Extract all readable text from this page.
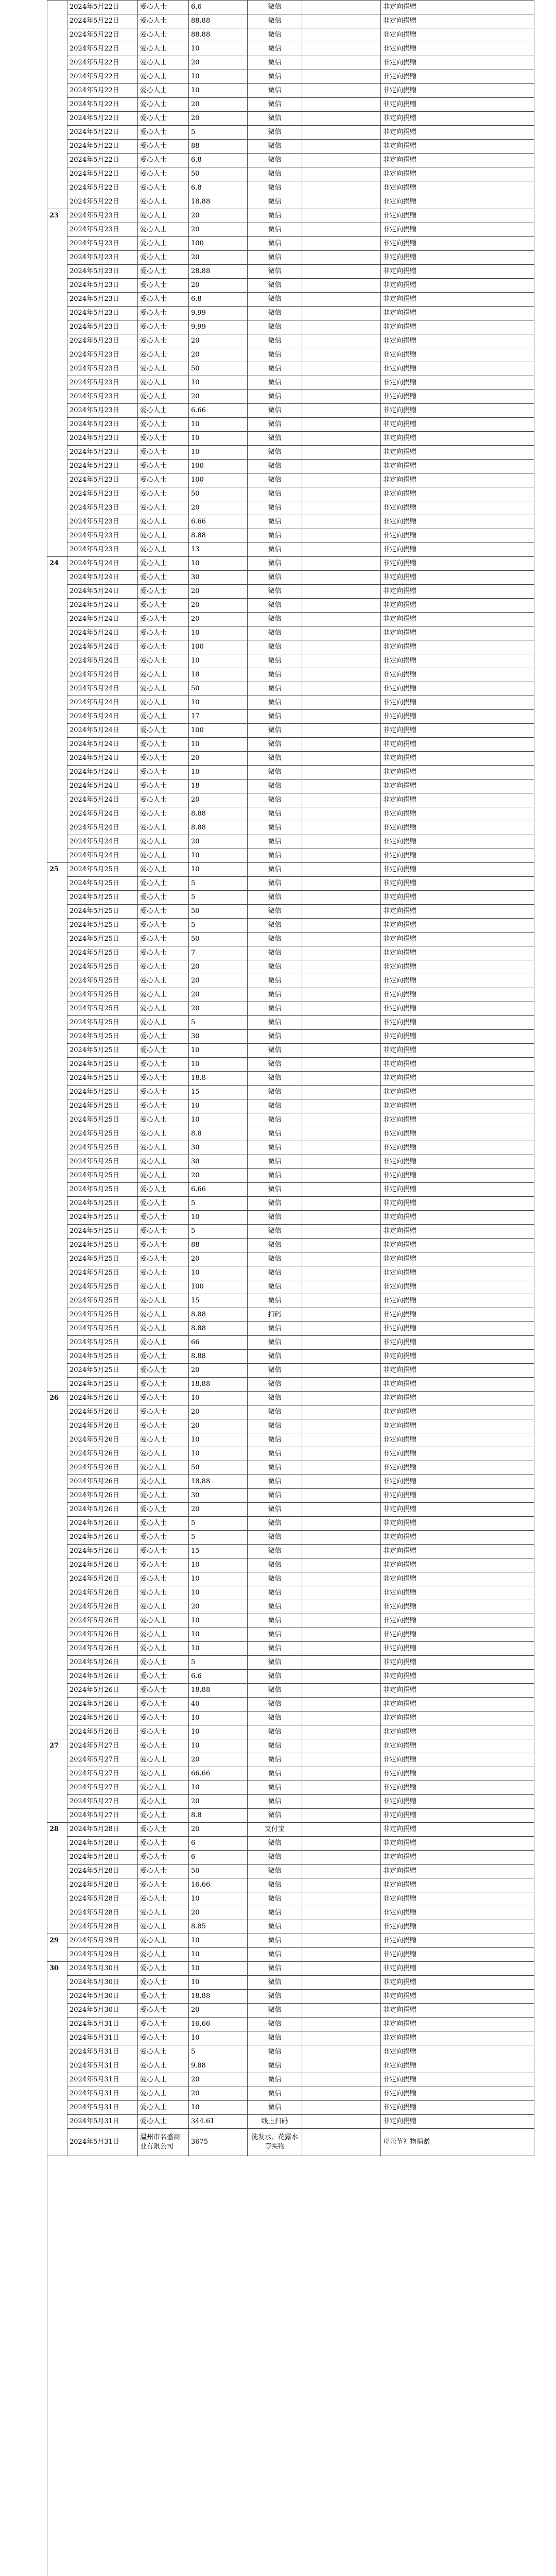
	2024年5月22日	爱心人士	6.6	微信		非定向捐赠
	2024年5月22日	爱心人士	88.88	微信		非定向捐赠
	2024年5月22日	爱心人士	88.88	微信		非定向捐赠
	2024年5月22日	爱心人士	10	微信		非定向捐赠
	2024年5月22日	爱心人士	20	微信		非定向捐赠
	2024年5月22日	爱心人士	10	微信		非定向捐赠
	2024年5月22日	爱心人士	10	微信		非定向捐赠
	2024年5月22日	爱心人士	20	微信		非定向捐赠
	2024年5月22日	爱心人士	20	微信		非定向捐赠
	2024年5月22日	爱心人士	5	微信		非定向捐赠
	2024年5月22日	爱心人士	88	微信		非定向捐赠
	2024年5月22日	爱心人士	6.8	微信		非定向捐赠
	2024年5月22日	爱心人士	50	微信		非定向捐赠
	2024年5月22日	爱心人士	6.8	微信		非定向捐赠
	2024年5月22日	爱心人士	18.88	微信		非定向捐赠
23	2024年5月23日	爱心人士	20	微信		非定向捐赠
	2024年5月23日	爱心人士	20	微信		非定向捐赠
	2024年5月23日	爱心人士	100	微信		非定向捐赠
	2024年5月23日	爱心人士	20	微信		非定向捐赠
	2024年5月23日	爱心人士	28.88	微信		非定向捐赠
	2024年5月23日	爱心人士	20	微信		非定向捐赠
	2024年5月23日	爱心人士	6.8	微信		非定向捐赠
	2024年5月23日	爱心人士	9.99	微信		非定向捐赠
	2024年5月23日	爱心人士	9.99	微信		非定向捐赠
	2024年5月23日	爱心人士	20	微信		非定向捐赠
	2024年5月23日	爱心人士	20	微信		非定向捐赠
	2024年5月23日	爱心人士	50	微信		非定向捐赠
	2024年5月23日	爱心人士	10	微信		非定向捐赠
	2024年5月23日	爱心人士	20	微信		非定向捐赠
	2024年5月23日	爱心人士	6.66	微信		非定向捐赠
	2024年5月23日	爱心人士	10	微信		非定向捐赠
	2024年5月23日	爱心人士	10	微信		非定向捐赠
	2024年5月23日	爱心人士	10	微信		非定向捐赠
	2024年5月23日	爱心人士	100	微信		非定向捐赠
	2024年5月23日	爱心人士	100	微信		非定向捐赠
	2024年5月23日	爱心人士	50	微信		非定向捐赠
	2024年5月23日	爱心人士	20	微信		非定向捐赠
	2024年5月23日	爱心人士	6.66	微信		非定向捐赠
	2024年5月23日	爱心人士	8.88	微信		非定向捐赠
	2024年5月23日	爱心人士	13	微信		非定向捐赠
24	2024年5月24日	爱心人士	10	微信		非定向捐赠
	2024年5月24日	爱心人士	30	微信		非定向捐赠
	2024年5月24日	爱心人士	20	微信		非定向捐赠
	2024年5月24日	爱心人士	20	微信		非定向捐赠
	2024年5月24日	爱心人士	20	微信		非定向捐赠
	2024年5月24日	爱心人士	10	微信		非定向捐赠
	2024年5月24日	爱心人士	100	微信		非定向捐赠
	2024年5月24日	爱心人士	10	微信		非定向捐赠
	2024年5月24日	爱心人士	18	微信		非定向捐赠
	2024年5月24日	爱心人士	50	微信		非定向捐赠
	2024年5月24日	爱心人士	10	微信		非定向捐赠
	2024年5月24日	爱心人士	17	微信		非定向捐赠
	2024年5月24日	爱心人士	100	微信		非定向捐赠
	2024年5月24日	爱心人士	10	微信		非定向捐赠
	2024年5月24日	爱心人士	20	微信		非定向捐赠
	2024年5月24日	爱心人士	10	微信		非定向捐赠
	2024年5月24日	爱心人士	18	微信		非定向捐赠
	2024年5月24日	爱心人士	20	微信		非定向捐赠
	2024年5月24日	爱心人士	8.88	微信		非定向捐赠
	2024年5月24日	爱心人士	8.88	微信		非定向捐赠
	2024年5月24日	爱心人士	20	微信		非定向捐赠
	2024年5月24日	爱心人士	10	微信		非定向捐赠
25	2024年5月25日	爱心人士	10	微信		非定向捐赠
	2024年5月25日	爱心人士	5	微信		非定向捐赠
	2024年5月25日	爱心人士	5	微信		非定向捐赠
	2024年5月25日	爱心人士	50	微信		非定向捐赠
	2024年5月25日	爱心人士	5	微信		非定向捐赠
	2024年5月25日	爱心人士	50	微信		非定向捐赠
	2024年5月25日	爱心人士	7	微信		非定向捐赠
	2024年5月25日	爱心人士	20	微信		非定向捐赠
	2024年5月25日	爱心人士	20	微信		非定向捐赠
	2024年5月25日	爱心人士	20	微信		非定向捐赠
	2024年5月25日	爱心人士	20	微信		非定向捐赠
	2024年5月25日	爱心人士	5	微信		非定向捐赠
	2024年5月25日	爱心人士	30	微信		非定向捐赠
	2024年5月25日	爱心人士	10	微信		非定向捐赠
	2024年5月25日	爱心人士	10	微信		非定向捐赠
	2024年5月25日	爱心人士	18.8	微信		非定向捐赠
	2024年5月25日	爱心人士	15	微信		非定向捐赠
	2024年5月25日	爱心人士	10	微信		非定向捐赠
	2024年5月25日	爱心人士	10	微信		非定向捐赠
	2024年5月25日	爱心人士	8.8	微信		非定向捐赠
	2024年5月25日	爱心人士	30	微信		非定向捐赠
	2024年5月25日	爱心人士	30	微信		非定向捐赠
	2024年5月25日	爱心人士	20	微信		非定向捐赠
	2024年5月25日	爱心人士	6.66	微信		非定向捐赠
	2024年5月25日	爱心人士	5	微信		非定向捐赠
	2024年5月25日	爱心人士	10	微信		非定向捐赠
	2024年5月25日	爱心人士	5	微信		非定向捐赠
	2024年5月25日	爱心人士	88	微信		非定向捐赠
	2024年5月25日	爱心人士	20	微信		非定向捐赠
	2024年5月25日	爱心人士	10	微信		非定向捐赠
	2024年5月25日	爱心人士	100	微信		非定向捐赠
	2024年5月25日	爱心人士	15	微信		非定向捐赠
	2024年5月25日	爱心人士	8.88	扫码		非定向捐赠
	2024年5月25日	爱心人士	8.88	微信		非定向捐赠
	2024年5月25日	爱心人士	66	微信		非定向捐赠
	2024年5月25日	爱心人士	8.88	微信		非定向捐赠
	2024年5月25日	爱心人士	20	微信		非定向捐赠
	2024年5月25日	爱心人士	18.88	微信		非定向捐赠
26	2024年5月26日	爱心人士	10	微信		非定向捐赠
	2024年5月26日	爱心人士	20	微信		非定向捐赠
	2024年5月26日	爱心人士	20	微信		非定向捐赠
	2024年5月26日	爱心人士	10	微信		非定向捐赠
	2024年5月26日	爱心人士	10	微信		非定向捐赠
	2024年5月26日	爱心人士	50	微信		非定向捐赠
	2024年5月26日	爱心人士	18.88	微信		非定向捐赠
	2024年5月26日	爱心人士	30	微信		非定向捐赠
	2024年5月26日	爱心人士	20	微信		非定向捐赠
	2024年5月26日	爱心人士	5	微信		非定向捐赠
	2024年5月26日	爱心人士	5	微信		非定向捐赠
	2024年5月26日	爱心人士	15	微信		非定向捐赠
	2024年5月26日	爱心人士	10	微信		非定向捐赠
	2024年5月26日	爱心人士	10	微信		非定向捐赠
	2024年5月26日	爱心人士	10	微信		非定向捐赠
	2024年5月26日	爱心人士	20	微信		非定向捐赠
	2024年5月26日	爱心人士	10	微信		非定向捐赠
	2024年5月26日	爱心人士	10	微信		非定向捐赠
	2024年5月26日	爱心人士	10	微信		非定向捐赠
	2024年5月26日	爱心人士	5	微信		非定向捐赠
	2024年5月26日	爱心人士	6.6	微信		非定向捐赠
	2024年5月26日	爱心人士	18.88	微信		非定向捐赠
	2024年5月26日	爱心人士	40	微信		非定向捐赠
	2024年5月26日	爱心人士	10	微信		非定向捐赠
	2024年5月26日	爱心人士	10	微信		非定向捐赠
27	2024年5月27日	爱心人士	10	微信		非定向捐赠
	2024年5月27日	爱心人士	20	微信		非定向捐赠
	2024年5月27日	爱心人士	66.66	微信		非定向捐赠
	2024年5月27日	爱心人士	10	微信		非定向捐赠
	2024年5月27日	爱心人士	20	微信		非定向捐赠
	2024年5月27日	爱心人士	8.8	微信		非定向捐赠
28	2024年5月28日	爱心人士	20	支付宝		非定向捐赠
	2024年5月28日	爱心人士	6	微信		非定向捐赠
	2024年5月28日	爱心人士	6	微信		非定向捐赠
	2024年5月28日	爱心人士	50	微信		非定向捐赠
	2024年5月28日	爱心人士	16.66	微信		非定向捐赠
	2024年5月28日	爱心人士	10	微信		非定向捐赠
	2024年5月28日	爱心人士	20	微信		非定向捐赠
	2024年5月28日	爱心人士	8.85	微信		非定向捐赠
29	2024年5月29日	爱心人士	10	微信		非定向捐赠
	2024年5月29日	爱心人士	10	微信		非定向捐赠
30	2024年5月30日	爱心人士	10	微信		非定向捐赠
	2024年5月30日	爱心人士	10	微信		非定向捐赠
	2024年5月30日	爱心人士	18.88	微信		非定向捐赠
	2024年5月30日	爱心人士	20	微信		非定向捐赠
	2024年5月31日	爱心人士	16.66	微信		非定向捐赠
	2024年5月31日	爱心人士	10	微信		非定向捐赠
	2024年5月31日	爱心人士	5	微信		非定向捐赠
	2024年5月31日	爱心人士	9.88	微信		非定向捐赠
	2024年5月31日	爱心人士	20	微信		非定向捐赠
	2024年5月31日	爱心人士	20	微信		非定向捐赠
	2024年5月31日	爱心人士	10	微信		非定向捐赠
	2024年5月31日	爱心人士	344.61	线上扫码		非定向捐赠
	2024年5月31日	温州市名盛商业有限公司	3675	洗发水、花露水等实物		母亲节礼物捐赠
